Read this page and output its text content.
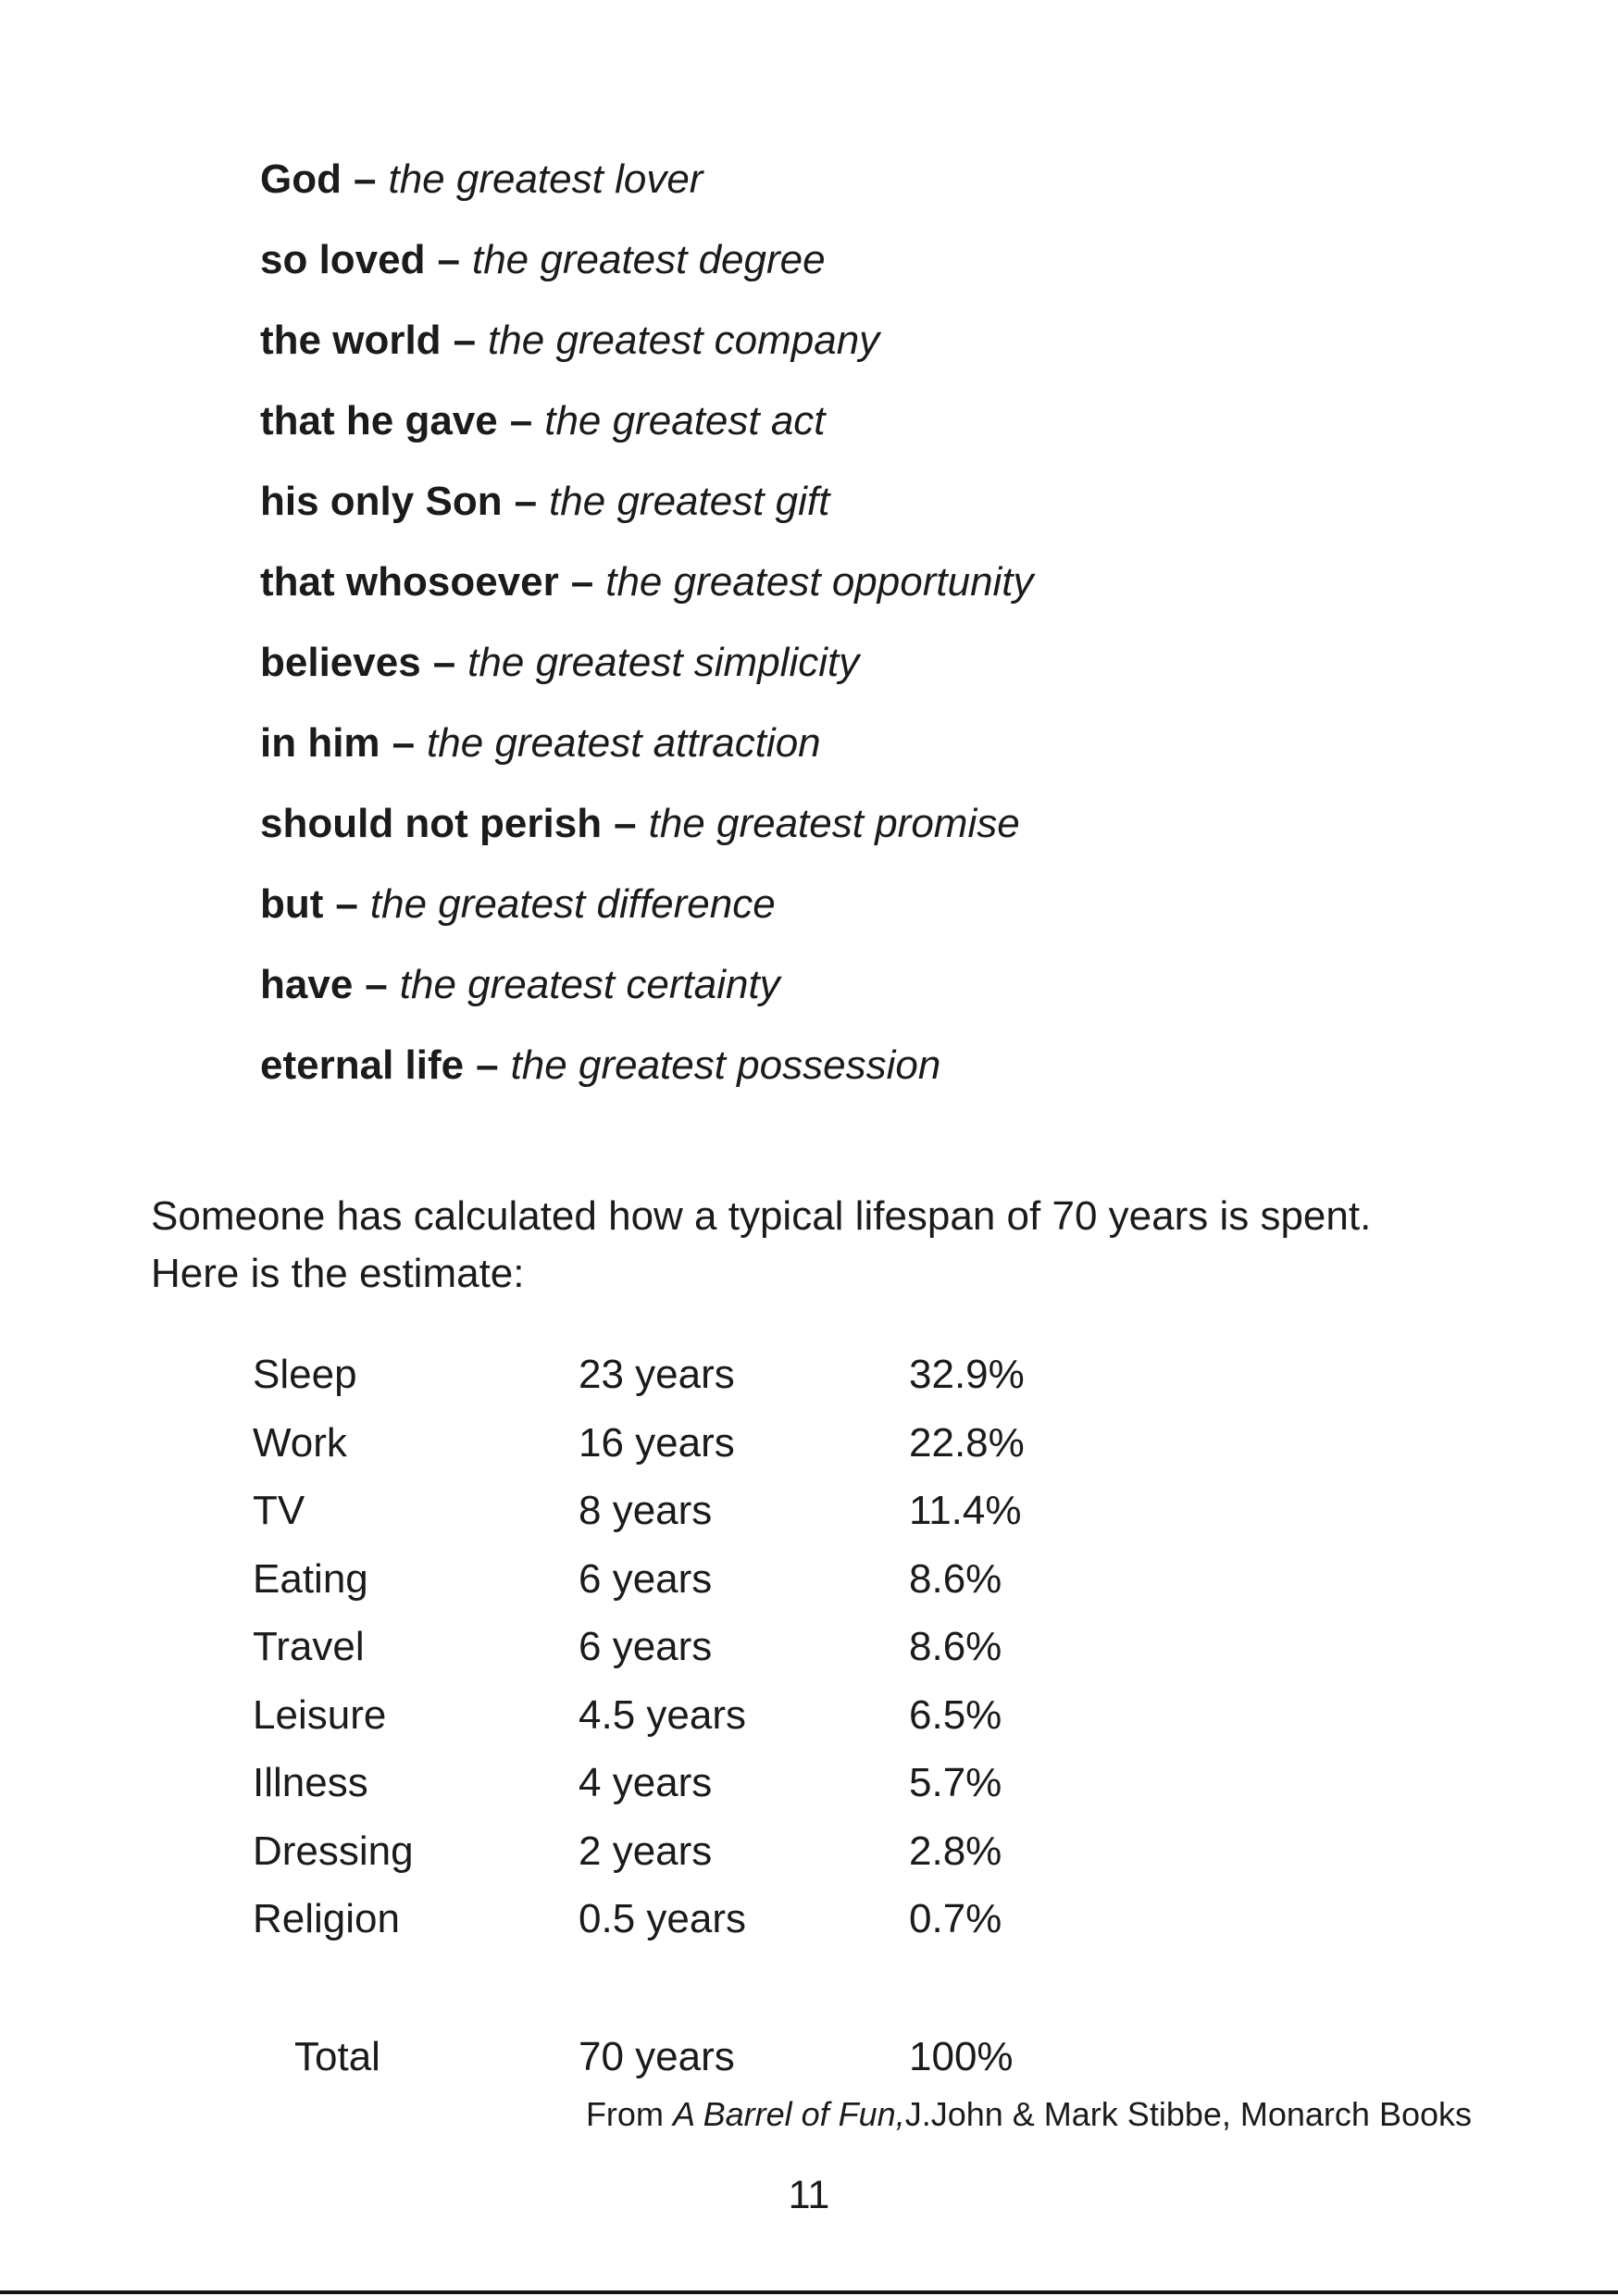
God – the greatest lover
so loved – the greatest degree
the world – the greatest company
that he gave – the greatest act
his only Son – the greatest gift
that whosoever – the greatest opportunity
believes – the greatest simplicity
in him – the greatest attraction
should not perish – the greatest promise
but – the greatest difference
have – the greatest certainty
eternal life – the greatest possession
Someone has calculated how a typical lifespan of 70 years is spent.
Here is the estimate:
Sleep	23 years	32.9%
Work	16 years	22.8%
TV	8 years	11.4%
Eating	6 years	8.6%
Travel	6 years	8.6%
Leisure	4.5 years	6.5%
Illness	4 years	5.7%
Dressing	2 years	2.8%
Religion	0.5 years	0.7%
Total	70 years	100%
From A Barrel of Fun,J.John & Mark Stibbe, Monarch Books
11
